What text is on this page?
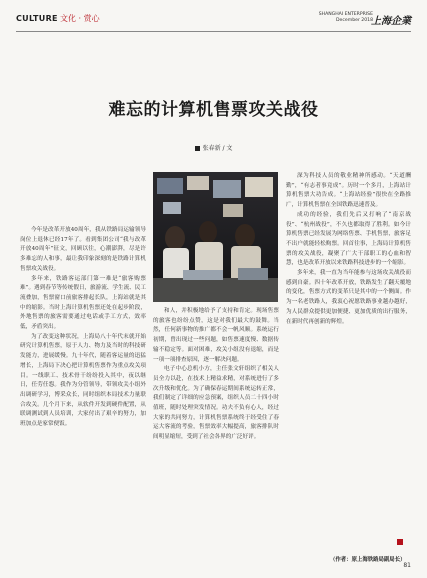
CULTURE 文化 · 赏心	SHANGHAI ENTERPRISE
December 2018
上海企業
难忘的计算机售票攻关战役
张春新 / 文

今年是改革开放40周年，我从铁路局运输领导岗位上退休已经17年了。看到集团公司“我与改革开放40周年”征文，回顾以往，心潮澎湃，尽是许多难忘的人和事，最让我印象深刻的是铁路计算机售票攻关战役。

多年来，铁路客运部门第一难是“旅客购票难”。遇到春节等传统假日，旅游流、学生流、民工流叠加，售票窗口前旅客排起长队，上海站就是其中的缩影。当时上海计算机售票还处在起步阶段，外地售票的旅客需要通过电话或手工方式，效率低，矛盾突出。

为了改变这种状况，上海局八十年代末就开始研究计算机售票，原于人力、物力及当时的科技研发能力，进展缓慢。九十年代，随着客运量的迅猛增长，上海局下决心把计算机售票作为重点攻关项目。一线职工、技术骨干纷纷投入其中，夜以继日，任劳任怨。我作为分管领导，带领攻关小组外出调研学习，博采众长，同时组织本局技术力量联合攻关。几个月下来，从软件开发到硬件配置，从联调测试到人员培训，大家付出了艰辛的努力，加班加点是家常便饭。

和人，并积极地给予了支持和肯定。现场售票的旅客也纷纷点赞，这是对我们最大的鼓舞。当然，任何新事物的推广都不会一帆风顺。系统运行初期，曾出现过一些问题，如售票速度慢、数据传输不稳定等。面对困难，攻关小组没有退缩，而是一项一项排查原因，逐一解决问题。

电子中心总机小方，主任张文轩组织了相关人员全力以赴，在技术上精益求精，对系统进行了多次升级和优化。为了确保春运期间系统运转正常，我们制定了详细的应急预案，组织人员二十四小时值班，随时处理突发情况。功夫不负有心人，经过大家的共同努力，计算机售票系统终于经受住了春运大客流的考验，售票效率大幅提高，旅客排队时间明显缩短，受到了社会各界的广泛好评。

深为科技人员的敬业精神所感动。“天道酬勤”，“有志者事竟成”。历时一个多月，上海站计算机售票大功告成。“上海站经验”很快在全路推广，计算机售票在全国铁路迅速普及。

成功的经验，我们先后又打响了“南京战役”、“杭州战役”，不久也都取得了胜利。如今计算机售票已经发展为网络售票、手机售票，旅客足不出户就能轻松购票。回首往事，上海局计算机售票的攻关战役，凝聚了广大干部职工的心血和智慧，也是改革开放以来铁路科技进步的一个缩影。

多年来，我一直为当年能参与这场攻关战役而感到自豪。四十年改革开放，铁路发生了翻天覆地的变化，售票方式的变革只是其中的一个侧面。作为一名老铁路人，我衷心祝愿铁路事业越办越好，为人民群众提供更加便捷、更加优质的出行服务，在新时代再创新的辉煌。

（作者：原上海铁路局副局长）
81
